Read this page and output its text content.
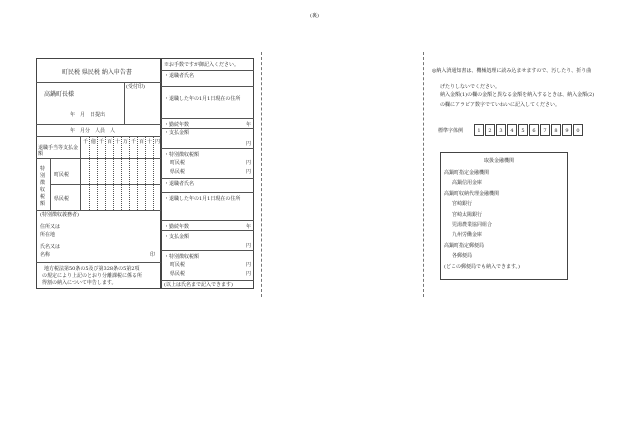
(裏)
町民税 県民税 納入申告書
高鍋町長様
(受付印)
年　月　日提出
年　月分　人員　人
退職手当等支払金額
千 億 千 百 十 万 千 百 十 円
特別徴収税額
町民税
県民税
(特別徴収義務者)
住所又は
所在地
氏名又は
名称	印
地方税法第50条の5及び第328条の5第2項
の規定により上記のとおり分離課税に係る所
得割の納入について申告します。
※お手数ですが御記入ください。
・退職者氏名
・退職した年の1月1日現在の住所
・勤続年数	年
・支払金額
円
・特別徴収税額
町民税	円
県民税	円
・退職者氏名
・退職した年の1月1日現在の住所
・勤続年数	年
・支払金額
円
・特別徴収税額
町民税	円
県民税	円
(以上は氏名まで記入できます)
◎納入済通知書は、機械処理に読み込ませますので、汚したり、折り曲
げたりしないでください。
納入金額(1)の欄の金額と異なる金額を納入するときは、納入金額(2)
の欄にアラビア数字でていねいに記入してください。
標準字体例	1	2	3	4	5	6	7	8	9	0
取扱金融機関
高鍋町指定金融機関
高鍋信用金庫
高鍋町収納代理金融機関
宮崎銀行
宮崎太陽銀行
児湯農業協同組合
九州労働金庫
高鍋町指定郵便局
各郵便局
(どこの郵便局でも納入できます。)
